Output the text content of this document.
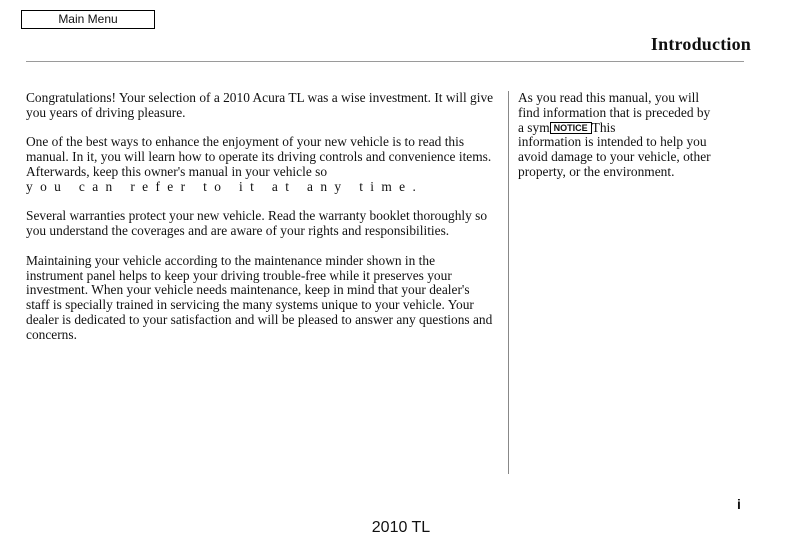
Main Menu
Introduction

Congratulations! Your selection of a 2010 Acura TL was a wise investment. It will give you years of driving pleasure.

One of the best ways to enhance the enjoyment of your new vehicle is to read this manual. In it, you will learn how to operate its driving controls and convenience items. Afterwards, keep this owner's manual in your vehicle so

you can refer to it at any time.

Several warranties protect your new vehicle. Read the warranty booklet thoroughly so you understand the coverages and are aware of your rights and responsibilities.

Maintaining your vehicle according to the maintenance minder shown in the instrument panel helps to keep your driving trouble-free while it preserves your investment. When your vehicle needs maintenance, keep in mind that your dealer's staff is specially trained in servicing the many systems unique to your vehicle. Your dealer is dedicated to your satisfaction and will be pleased to answer any questions and concerns.

As you read this manual, you will

find information that is preceded by

a sym NOTICE This

information is intended to help you

avoid damage to your vehicle, other

property, or the environment.

i
2010 TL
